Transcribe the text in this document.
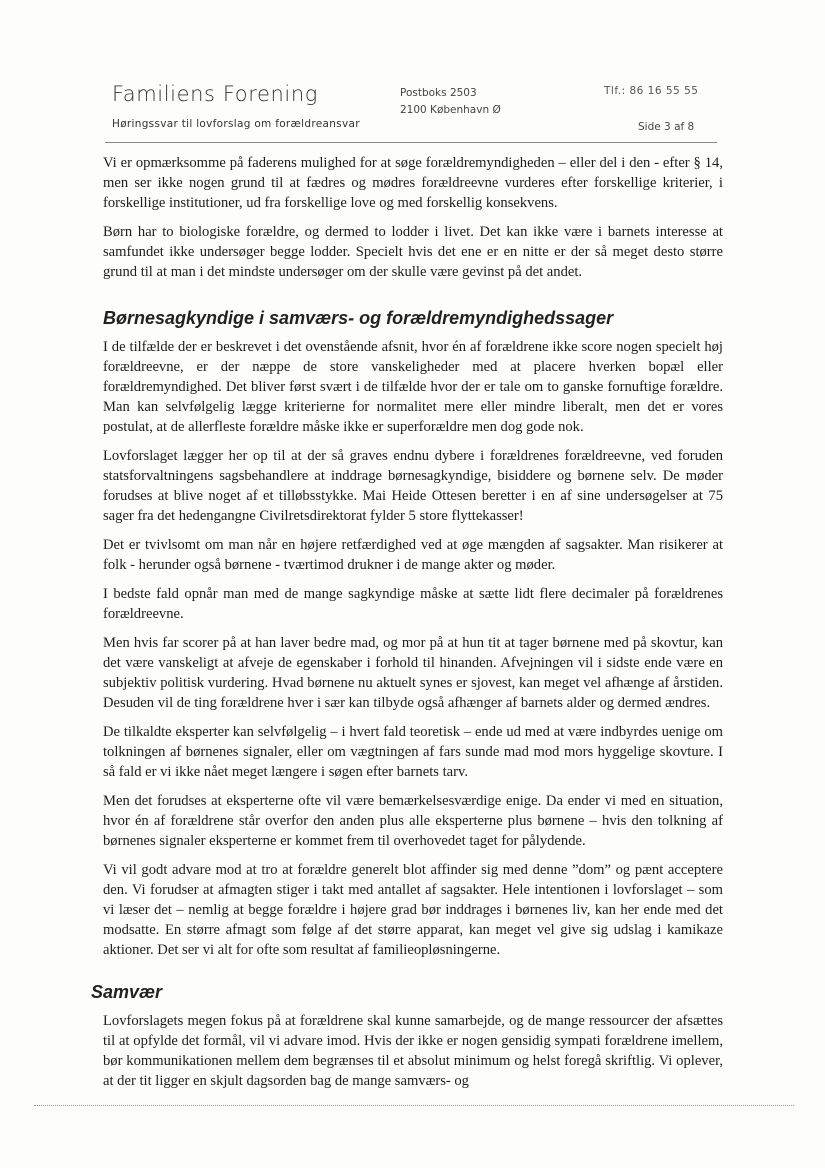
Familiens Forening
Høringssvar til lovforslag om forældreansvar
Postboks 2503
2100 København Ø
Tlf.: 86 16 55 55
Side 3 af 8

Vi er opmærksomme på faderens mulighed for at søge forældremyndigheden – eller del i den - efter § 14, men ser ikke nogen grund til at fædres og mødres forældreevne vurderes efter forskellige kriterier, i forskellige institutioner, ud fra forskellige love og med forskellig konsekvens.

Børn har to biologiske forældre, og dermed to lodder i livet. Det kan ikke være i barnets interesse at samfundet ikke undersøger begge lodder. Specielt hvis det ene er en nitte er der så meget desto større grund til at man i det mindste undersøger om der skulle være gevinst på det andet.

Børnesagkyndige i samværs- og forældremyndighedssager

I de tilfælde der er beskrevet i det ovenstående afsnit, hvor én af forældrene ikke score nogen specielt høj forældreevne, er der næppe de store vanskeligheder med at placere hverken bopæl eller forældremyndighed. Det bliver først svært i de tilfælde hvor der er tale om to ganske fornuftige forældre. Man kan selvfølgelig lægge kriterierne for normalitet mere eller mindre liberalt, men det er vores postulat, at de allerfleste forældre måske ikke er superforældre men dog gode nok.

Lovforslaget lægger her op til at der så graves endnu dybere i forældrenes forældreevne, ved foruden statsforvaltningens sagsbehandlere at inddrage børnesagkyndige, bisiddere og børnene selv. De møder forudses at blive noget af et tilløbsstykke. Mai Heide Ottesen beretter i en af sine undersøgelser at 75 sager fra det hedengangne Civilretsdirektorat fylder 5 store flyttekasser!

Det er tvivlsomt om man når en højere retfærdighed ved at øge mængden af sagsakter. Man risikerer at folk - herunder også børnene - tværtimod drukner i de mange akter og møder.

I bedste fald opnår man med de mange sagkyndige måske at sætte lidt flere decimaler på forældrenes forældreevne.

Men hvis far scorer på at han laver bedre mad, og mor på at hun tit at tager børnene med på skovtur, kan det være vanskeligt at afveje de egenskaber i forhold til hinanden. Afvejningen vil i sidste ende være en subjektiv politisk vurdering. Hvad børnene nu aktuelt synes er sjovest, kan meget vel afhænge af årstiden. Desuden vil de ting forældrene hver i sær kan tilbyde også afhænger af barnets alder og dermed ændres.

De tilkaldte eksperter kan selvfølgelig – i hvert fald teoretisk – ende ud med at være indbyrdes uenige om tolkningen af børnenes signaler, eller om vægtningen af fars sunde mad mod mors hyggelige skovture. I så fald er vi ikke nået meget længere i søgen efter barnets tarv.

Men det forudses at eksperterne ofte vil være bemærkelsesværdige enige. Da ender vi med en situation, hvor én af forældrene står overfor den anden plus alle eksperterne plus børnene – hvis den tolkning af børnenes signaler eksperterne er kommet frem til overhovedet taget for pålydende.

Vi vil godt advare mod at tro at forældre generelt blot affinder sig med denne ”dom” og pænt acceptere den. Vi forudser at afmagten stiger i takt med antallet af sagsakter. Hele intentionen i lovforslaget – som vi læser det – nemlig at begge forældre i højere grad bør inddrages i børnenes liv, kan her ende med det modsatte. En større afmagt som følge af det større apparat, kan meget vel give sig udslag i kamikaze aktioner. Det ser vi alt for ofte som resultat af familieopløsningerne.

Samvær

Lovforslagets megen fokus på at forældrene skal kunne samarbejde, og de mange ressourcer der afsættes til at opfylde det formål, vil vi advare imod. Hvis der ikke er nogen gensidig sympati forældrene imellem, bør kommunikationen mellem dem begrænses til et absolut minimum og helst foregå skriftlig. Vi oplever, at der tit ligger en skjult dagsorden bag de mange samværs- og
